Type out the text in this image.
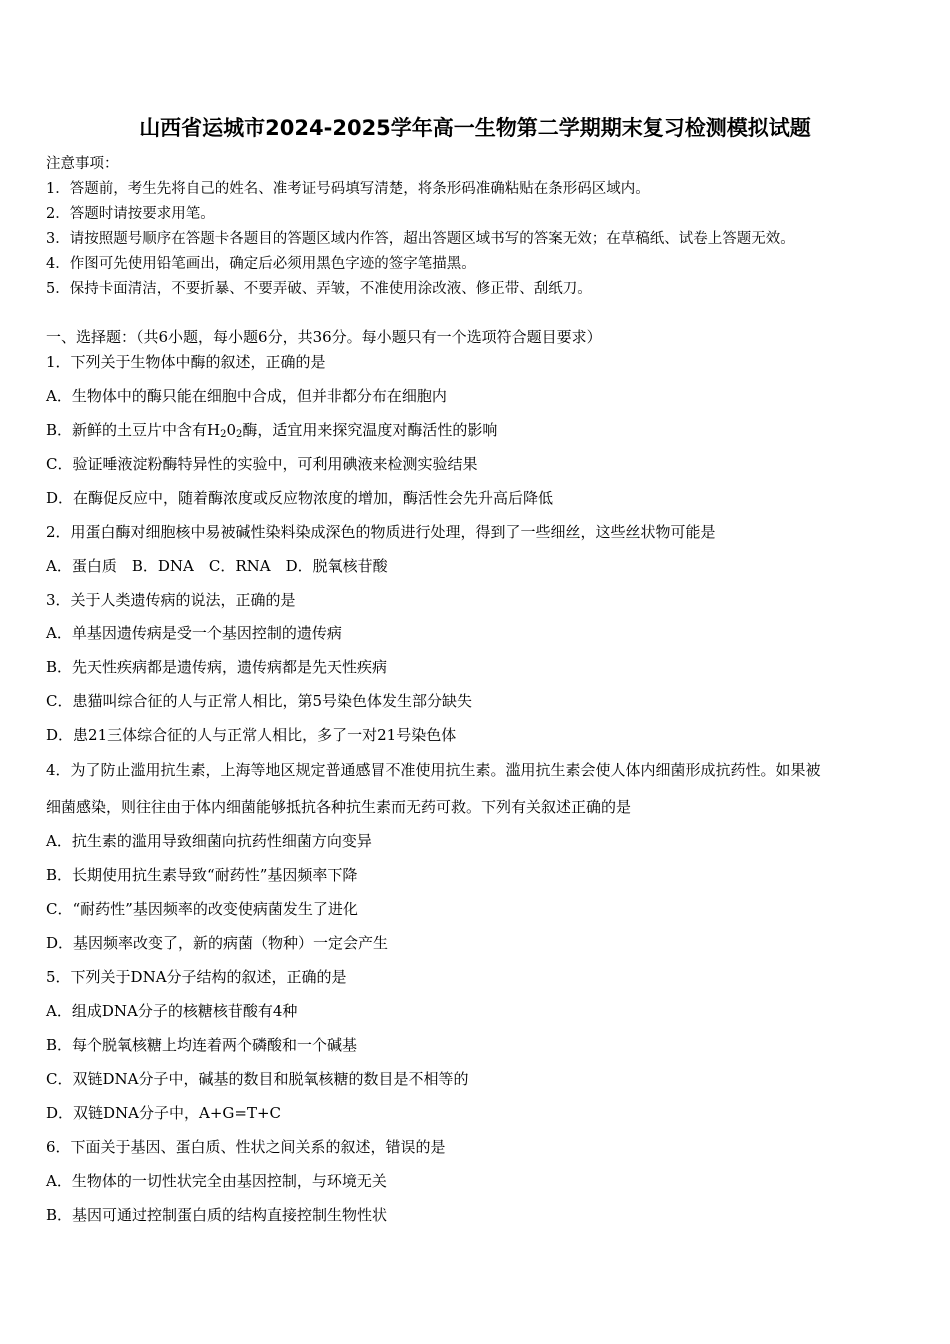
山西省运城市2024-2025学年高一生物第二学期期末复习检测模拟试题
注意事项：
1．答题前，考生先将自己的姓名、准考证号码填写清楚，将条形码准确粘贴在条形码区域内。
2．答题时请按要求用笔。
3．请按照题号顺序在答题卡各题目的答题区域内作答，超出答题区域书写的答案无效；在草稿纸、试卷上答题无效。
4．作图可先使用铅笔画出，确定后必须用黑色字迹的签字笔描黑。
5．保持卡面清洁，不要折暴、不要弄破、弄皱，不准使用涂改液、修正带、刮纸刀。
一、选择题：（共6小题，每小题6分，共36分。每小题只有一个选项符合题目要求）
1．下列关于生物体中酶的叙述，正确的是
A．生物体中的酶只能在细胞中合成，但并非都分布在细胞内
B．新鲜的土豆片中含有$H_20_2$酶，适宜用来探究温度对酶活性的影响
C．验证唾液淀粉酶特异性的实验中，可利用碘液来检测实验结果
D．在酶促反应中，随着酶浓度或反应物浓度的增加，酶活性会先升高后降低
2．用蛋白酶对细胞核中易被碱性染料染成深色的物质进行处理，得到了一些细丝，这些丝状物可能是
A．蛋白质　B．DNA　C．RNA　D．脱氧核苷酸
3．关于人类遗传病的说法，正确的是
A．单基因遗传病是受一个基因控制的遗传病
B．先天性疾病都是遗传病，遗传病都是先天性疾病
C．患猫叫综合征的人与正常人相比，第5号染色体发生部分缺失
D．患21三体综合征的人与正常人相比，多了一对21号染色体
4．为了防止滥用抗生素，上海等地区规定普通感冒不准使用抗生素。滥用抗生素会使人体内细菌形成抗药性。如果被
细菌感染，则往往由于体内细菌能够抵抗各种抗生素而无药可救。下列有关叙述正确的是
A．抗生素的滥用导致细菌向抗药性细菌方向变异
B．长期使用抗生素导致“耐药性”基因频率下降
C．“耐药性”基因频率的改变使病菌发生了进化
D．基因频率改变了，新的病菌（物种）一定会产生
5．下列关于DNA分子结构的叙述，正确的是
A．组成DNA分子的核糖核苷酸有4种
B．每个脱氧核糖上均连着两个磷酸和一个碱基
C．双链DNA分子中，碱基的数目和脱氧核糖的数目是不相等的
D．双链DNA分子中，A+G=T+C
6．下面关于基因、蛋白质、性状之间关系的叙述，错误的是
A．生物体的一切性状完全由基因控制，与环境无关
B．基因可通过控制蛋白质的结构直接控制生物性状
